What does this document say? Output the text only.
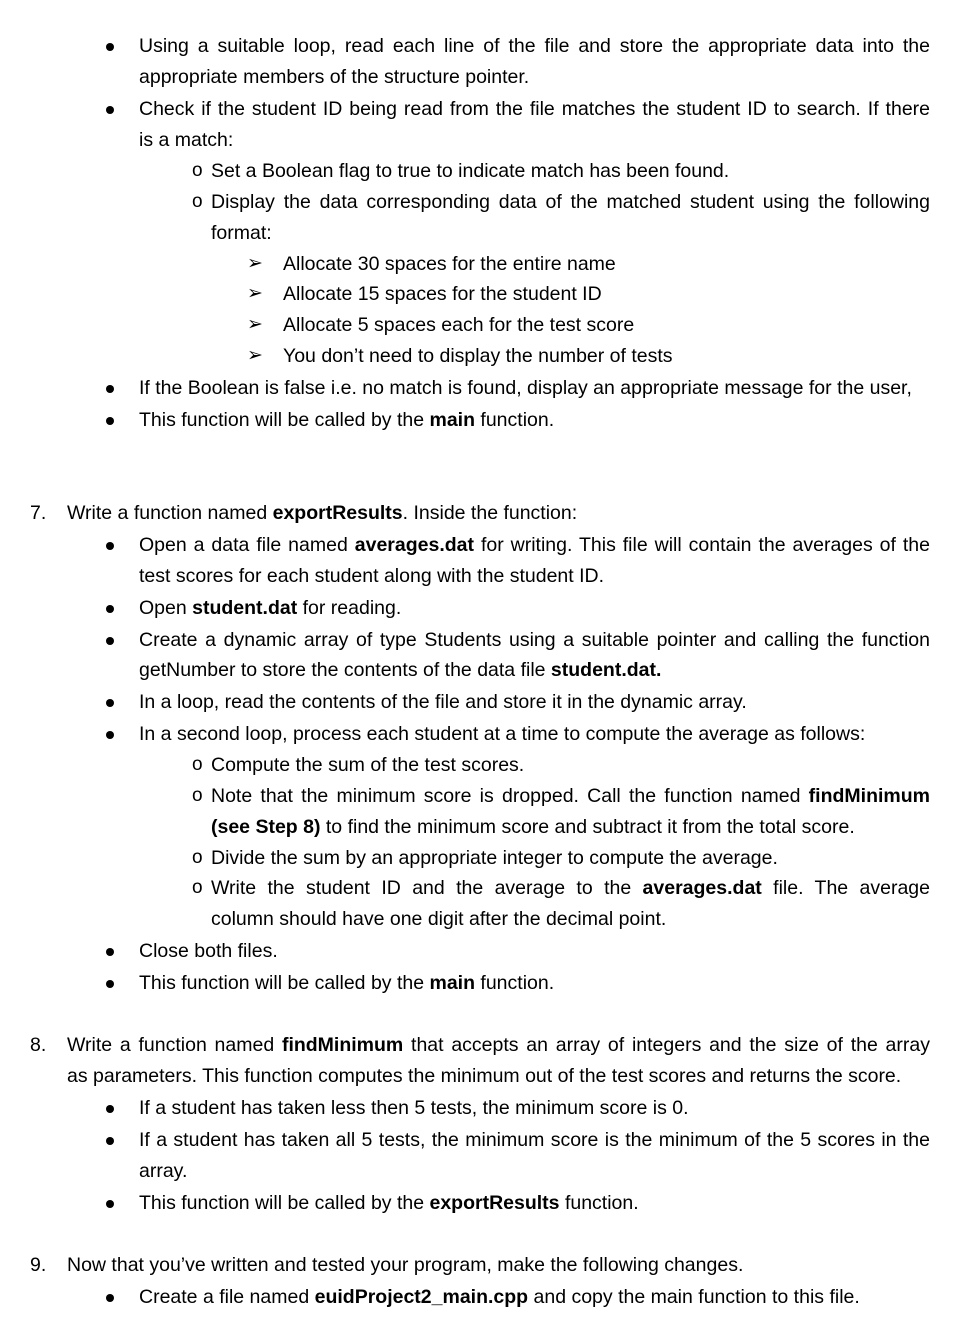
Using a suitable loop, read each line of the file and store the appropriate data into the
appropriate members of the structure pointer.
Check if the student ID being read from the file matches the student ID to search. If there
is a match:
o Set a Boolean flag to true to indicate match has been found.
o Display the data corresponding data of the matched student using the following
format:
➢ Allocate 30 spaces for the entire name
➢ Allocate 15 spaces for the student ID
➢ Allocate 5 spaces each for the test score
➢ You don’t need to display the number of tests
If the Boolean is false i.e. no match is found, display an appropriate message for the user,
This function will be called by the main function.
7. Write a function named exportResults. Inside the function:
Open a data file named averages.dat for writing. This file will contain the averages of the
test scores for each student along with the student ID.
Open student.dat for reading.
Create a dynamic array of type Students using a suitable pointer and calling the function
getNumber to store the contents of the data file student.dat.
In a loop, read the contents of the file and store it in the dynamic array.
In a second loop, process each student at a time to compute the average as follows:
o Compute the sum of the test scores.
o Note that the minimum score is dropped. Call the function named findMinimum
(see Step 8) to find the minimum score and subtract it from the total score.
o Divide the sum by an appropriate integer to compute the average.
o Write the student ID and the average to the averages.dat file. The average
column should have one digit after the decimal point.
Close both files.
This function will be called by the main function.
8. Write a function named findMinimum that accepts an array of integers and the size of the array
as parameters. This function computes the minimum out of the test scores and returns the score.
If a student has taken less then 5 tests, the minimum score is 0.
If a student has taken all 5 tests, the minimum score is the minimum of the 5 scores in the
array.
This function will be called by the exportResults function.
9. Now that you’ve written and tested your program, make the following changes.
Create a file named euidProject2_main.cpp and copy the main function to this file.
